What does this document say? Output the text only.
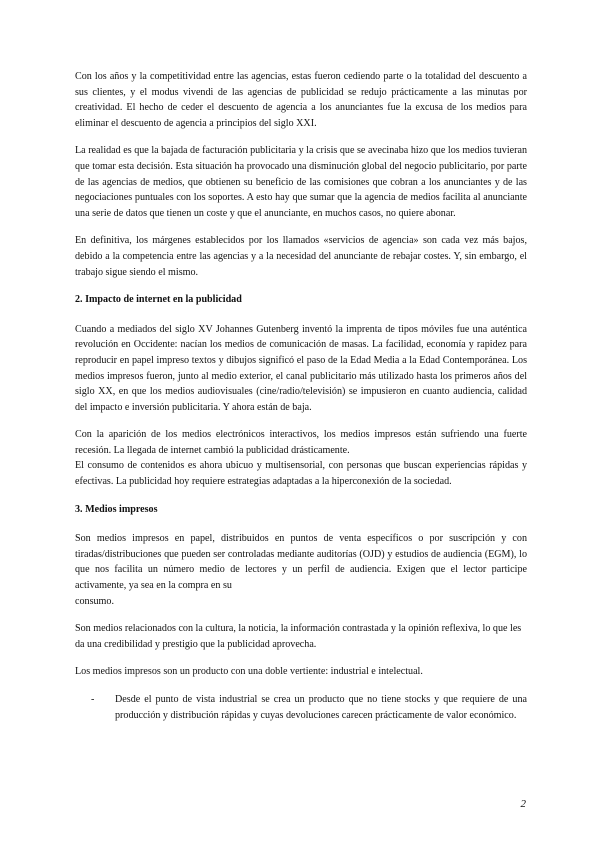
Con los años y la competitividad entre las agencias, estas fueron cediendo parte o la totalidad del descuento a sus clientes, y el modus vivendi de las agencias de publicidad se redujo prácticamente a las minutas por creatividad. El hecho de ceder el descuento de agencia a los anunciantes fue la excusa de los medios para eliminar el descuento de agencia a principios del siglo XXI.

La realidad es que la bajada de facturación publicitaria y la crisis que se avecinaba hizo que los medios tuvieran que tomar esta decisión. Esta situación ha provocado una disminución global del negocio publicitario, por parte de las agencias de medios, que obtienen su beneficio de las comisiones que cobran a los anunciantes y de las negociaciones puntuales con los soportes. A esto hay que sumar que la agencia de medios facilita al anunciante una serie de datos que tienen un coste y que el anunciante, en muchos casos, no quiere abonar.

En definitiva, los márgenes establecidos por los llamados «servicios de agencia» son cada vez más bajos, debido a la competencia entre las agencias y a la necesidad del anunciante de rebajar costes. Y, sin embargo, el trabajo sigue siendo el mismo.

2. Impacto de internet en la publicidad

Cuando a mediados del siglo XV Johannes Gutenberg inventó la imprenta de tipos móviles fue una auténtica revolución en Occidente: nacían los medios de comunicación de masas. La facilidad, economía y rapidez para reproducir en papel impreso textos y dibujos significó el paso de la Edad Media a la Edad Contemporánea. Los medios impresos fueron, junto al medio exterior, el canal publicitario más utilizado hasta los primeros años del siglo XX, en que los medios audiovisuales (cine/radio/televisión) se impusieron en cuanto audiencia, calidad del impacto e inversión publicitaria. Y ahora están de baja.

Con la aparición de los medios electrónicos interactivos, los medios impresos están sufriendo una fuerte recesión. La llegada de internet cambió la publicidad drásticamente.

El consumo de contenidos es ahora ubicuo y multisensorial, con personas que buscan experiencias rápidas y efectivas. La publicidad hoy requiere estrategias adaptadas a la hiperconexión de la sociedad.

3. Medios impresos

Son medios impresos en papel, distribuidos en puntos de venta específicos o por suscripción y con tiradas/distribuciones que pueden ser controladas mediante auditorías (OJD) y estudios de audiencia (EGM), lo que nos facilita un número medio de lectores y un perfil de audiencia. Exigen que el lector participe activamente, ya sea en la compra en su

consumo.

Son medios relacionados con la cultura, la noticia, la información contrastada y la opinión reflexiva, lo que les da una credibilidad y prestigio que la publicidad aprovecha.

Los medios impresos son un producto con una doble vertiente: industrial e intelectual.

- Desde el punto de vista industrial se crea un producto que no tiene stocks y que requiere de una producción y distribución rápidas y cuyas devoluciones carecen prácticamente de valor económico.
2
